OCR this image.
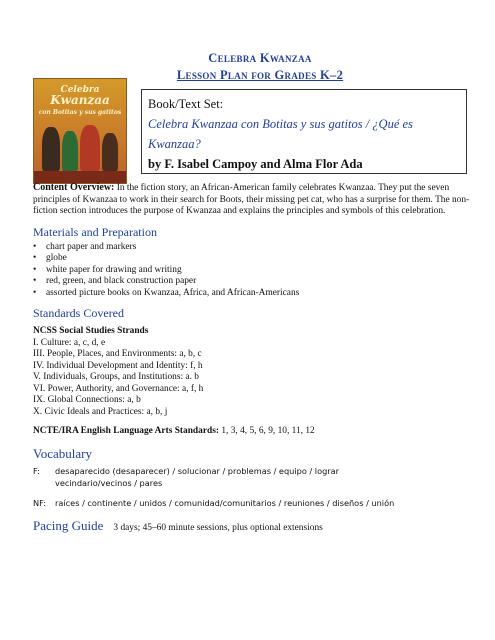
Celebra Kwanzaa
Lesson Plan for Grades K–2
Celebra
Kwanzaa
con Botitas y sus gatitos
Book/Text Set:
Celebra Kwanzaa con Botitas y sus gatitos / ¿Qué es Kwanzaa?
by F. Isabel Campoy and Alma Flor Ada
Content Overview: In the fiction story, an African-American family celebrates Kwanzaa. They put the seven principles of Kwanzaa to work in their search for Boots, their missing pet cat, who has a surprise for them. The non-fiction section introduces the purpose of Kwanzaa and explains the principles and symbols of this celebration.
Materials and Preparation
• chart paper and markers
• globe
• white paper for drawing and writing
• red, green, and black construction paper
• assorted picture books on Kwanzaa, Africa, and African-Americans
Standards Covered
NCSS Social Studies Strands
I. Culture: a, c, d, e
III. People, Places, and Environments: a, b, c
IV. Individual Development and Identity: f, h
V. Individuals, Groups, and Institutions: a. b
VI. Power, Authority, and Governance: a, f, h
IX. Global Connections: a, b
X. Civic Ideals and Practices: a, b, j
NCTE/IRA English Language Arts Standards: 1, 3, 4, 5, 6, 9, 10, 11, 12
Vocabulary
F:	desaparecido (desaparecer) / solucionar / problemas / equipo / lograr
vecindario/vecinos / pares
NF:	raíces / continente / unidos / comunidad/comunitarios / reuniones / diseños / unión
Pacing Guide 3 days; 45–60 minute sessions, plus optional extensions
